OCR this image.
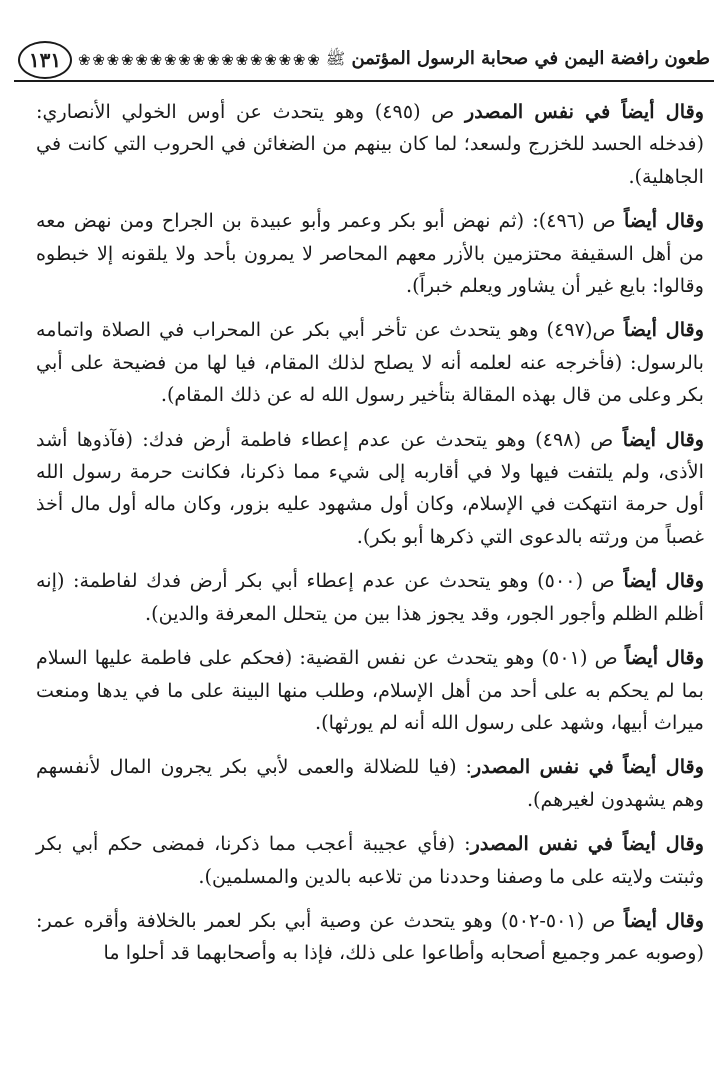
١٣١	❀ ❀ ❀ ❀ ❀ ❀ ❀ ❀ ❀ ❀ ❀ ❀ ❀ ❀ ❀ ❀ ❀	طعون رافضة اليمن في صحابة الرسول المؤتمن ﷺ

وقال أيضاً في نفس المصدر ص (٤٩٥) وهو يتحدث عن أوس الخولي الأنصاري: (فدخله الحسد للخزرج ولسعد؛ لما كان بينهم من الضغائن في الحروب التي كانت في الجاهلية).

وقال أيضاً ص (٤٩٦): (ثم نهض أبو بكر وعمر وأبو عبيدة بن الجراح ومن نهض معه من أهل السقيفة محتزمين بالأزر معهم المحاصر لا يمرون بأحد ولا يلقونه إلا خبطوه وقالوا: بايع غير أن يشاور ويعلم خبراً).

وقال أيضاً ص(٤٩٧) وهو يتحدث عن تأخر أبي بكر عن المحراب في الصلاة واتمامه بالرسول: (فأخرجه عنه لعلمه أنه لا يصلح لذلك المقام، فيا لها من فضيحة على أبي بكر وعلى من قال بهذه المقالة بتأخير رسول الله له عن ذلك المقام).

وقال أيضاً ص (٤٩٨) وهو يتحدث عن عدم إعطاء فاطمة أرض فدك: (فآذوها أشد الأذى، ولم يلتفت فيها ولا في أقاربه إلى شيء مما ذكرنا، فكانت حرمة رسول الله أول حرمة انتهكت في الإسلام، وكان أول مشهود عليه بزور، وكان ماله أول مال أخذ غصباً من ورثته بالدعوى التي ذكرها أبو بكر).

وقال أيضاً ص (٥٠٠) وهو يتحدث عن عدم إعطاء أبي بكر أرض فدك لفاطمة: (إنه أظلم الظلم وأجور الجور، وقد يجوز هذا بين من يتحلل المعرفة والدين).

وقال أيضاً ص (٥٠١) وهو يتحدث عن نفس القضية: (فحكم على فاطمة عليها السلام بما لم يحكم به على أحد من أهل الإسلام، وطلب منها البينة على ما في يدها ومنعت ميراث أبيها، وشهد على رسول الله أنه لم يورثها).

وقال أيضاً في نفس المصدر: (فيا للضلالة والعمى لأبي بكر يجرون المال لأنفسهم وهم يشهدون لغيرهم).

وقال أيضاً في نفس المصدر: (فأي عجيبة أعجب مما ذكرنا، فمضى حكم أبي بكر وثبتت ولايته على ما وصفنا وحددنا من تلاعبه بالدين والمسلمين).

وقال أيضاً ص (٥٠١-٥٠٢) وهو يتحدث عن وصية أبي بكر لعمر بالخلافة وأقره عمر: (وصوبه عمر وجميع أصحابه وأطاعوا على ذلك، فإذا به وأصحابهما قد أحلوا ما
